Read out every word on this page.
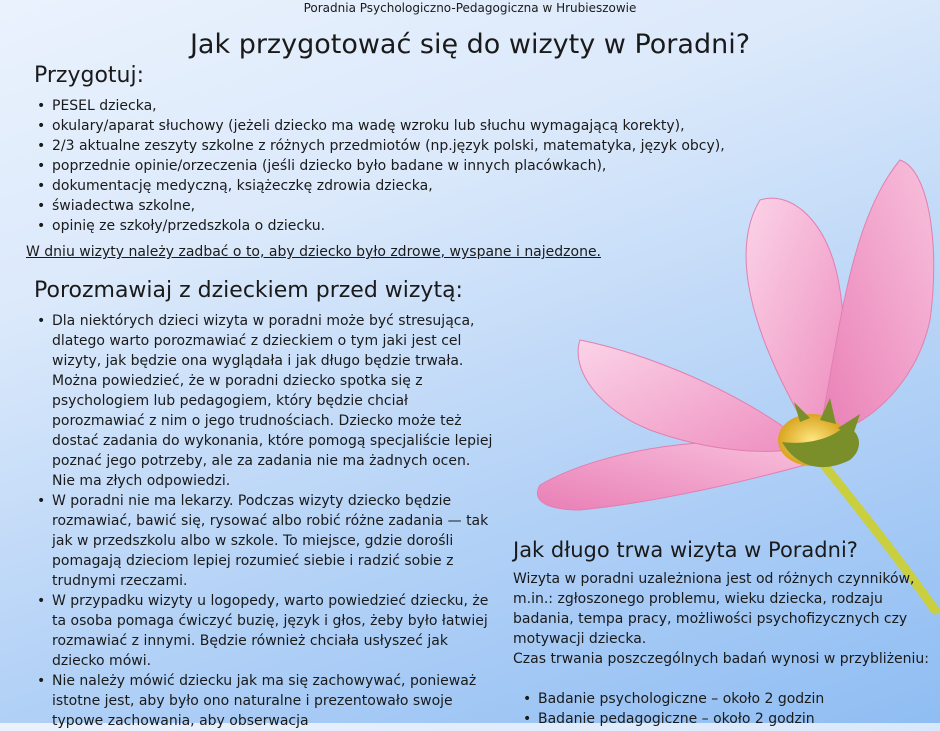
Poradnia Psychologiczno-Pedagogiczna w Hrubieszowie
Jak przygotować się do wizyty w Poradni?
Przygotuj:
• PESEL dziecka,
• okulary/aparat słuchowy (jeżeli dziecko ma wadę wzroku lub słuchu wymagającą korekty),
• 2/3 aktualne zeszyty szkolne z różnych przedmiotów (np.język polski, matematyka, język obcy),
• poprzednie opinie/orzeczenia (jeśli dziecko było badane w innych placówkach),
• dokumentację medyczną, książeczkę zdrowia dziecka,
• świadectwa szkolne,
• opinię ze szkoły/przedszkola o dziecku.
W dniu wizyty należy zadbać o to, aby dziecko było zdrowe, wyspane i najedzone.
Porozmawiaj z dzieckiem przed wizytą:
• Dla niektórych dzieci wizyta w poradni może być stresująca, dlatego warto porozmawiać z dzieckiem o tym jaki jest cel wizyty, jak będzie ona wyglądała i jak długo będzie trwała. Można powiedzieć, że w poradni dziecko spotka się z psychologiem lub pedagogiem, który będzie chciał porozmawiać z nim o jego trudnościach. Dziecko może też dostać zadania do wykonania, które pomogą specjaliście lepiej poznać jego potrzeby, ale za zadania nie ma żadnych ocen. Nie ma złych odpowiedzi.
• W poradni nie ma lekarzy. Podczas wizyty dziecko będzie rozmawiać, bawić się, rysować albo robić różne zadania — tak jak w przedszkolu albo w szkole. To miejsce, gdzie dorośli pomagają dzieciom lepiej rozumieć siebie i radzić sobie z trudnymi rzeczami.
• W przypadku wizyty u logopedy, warto powiedzieć dziecku, że ta osoba pomaga ćwiczyć buzię, język i głos, żeby było łatwiej rozmawiać z innymi. Będzie również chciała usłyszeć jak dziecko mówi.
• Nie należy mówić dziecku jak ma się zachowywać, ponieważ istotne jest, aby było ono naturalne i prezentowało swoje typowe zachowania, aby obserwacja
Jak długo trwa wizyta w Poradni?

Wizyta w poradni uzależniona jest od różnych czynników, m.in.: zgłoszonego problemu, wieku dziecka, rodzaju badania, tempa pracy, możliwości psychofizycznych czy motywacji dziecka.

Czas trwania poszczególnych badań wynosi w przybliżeniu:

• Badanie psychologiczne – około 2 godzin
• Badanie pedagogiczne – około 2 godzin
